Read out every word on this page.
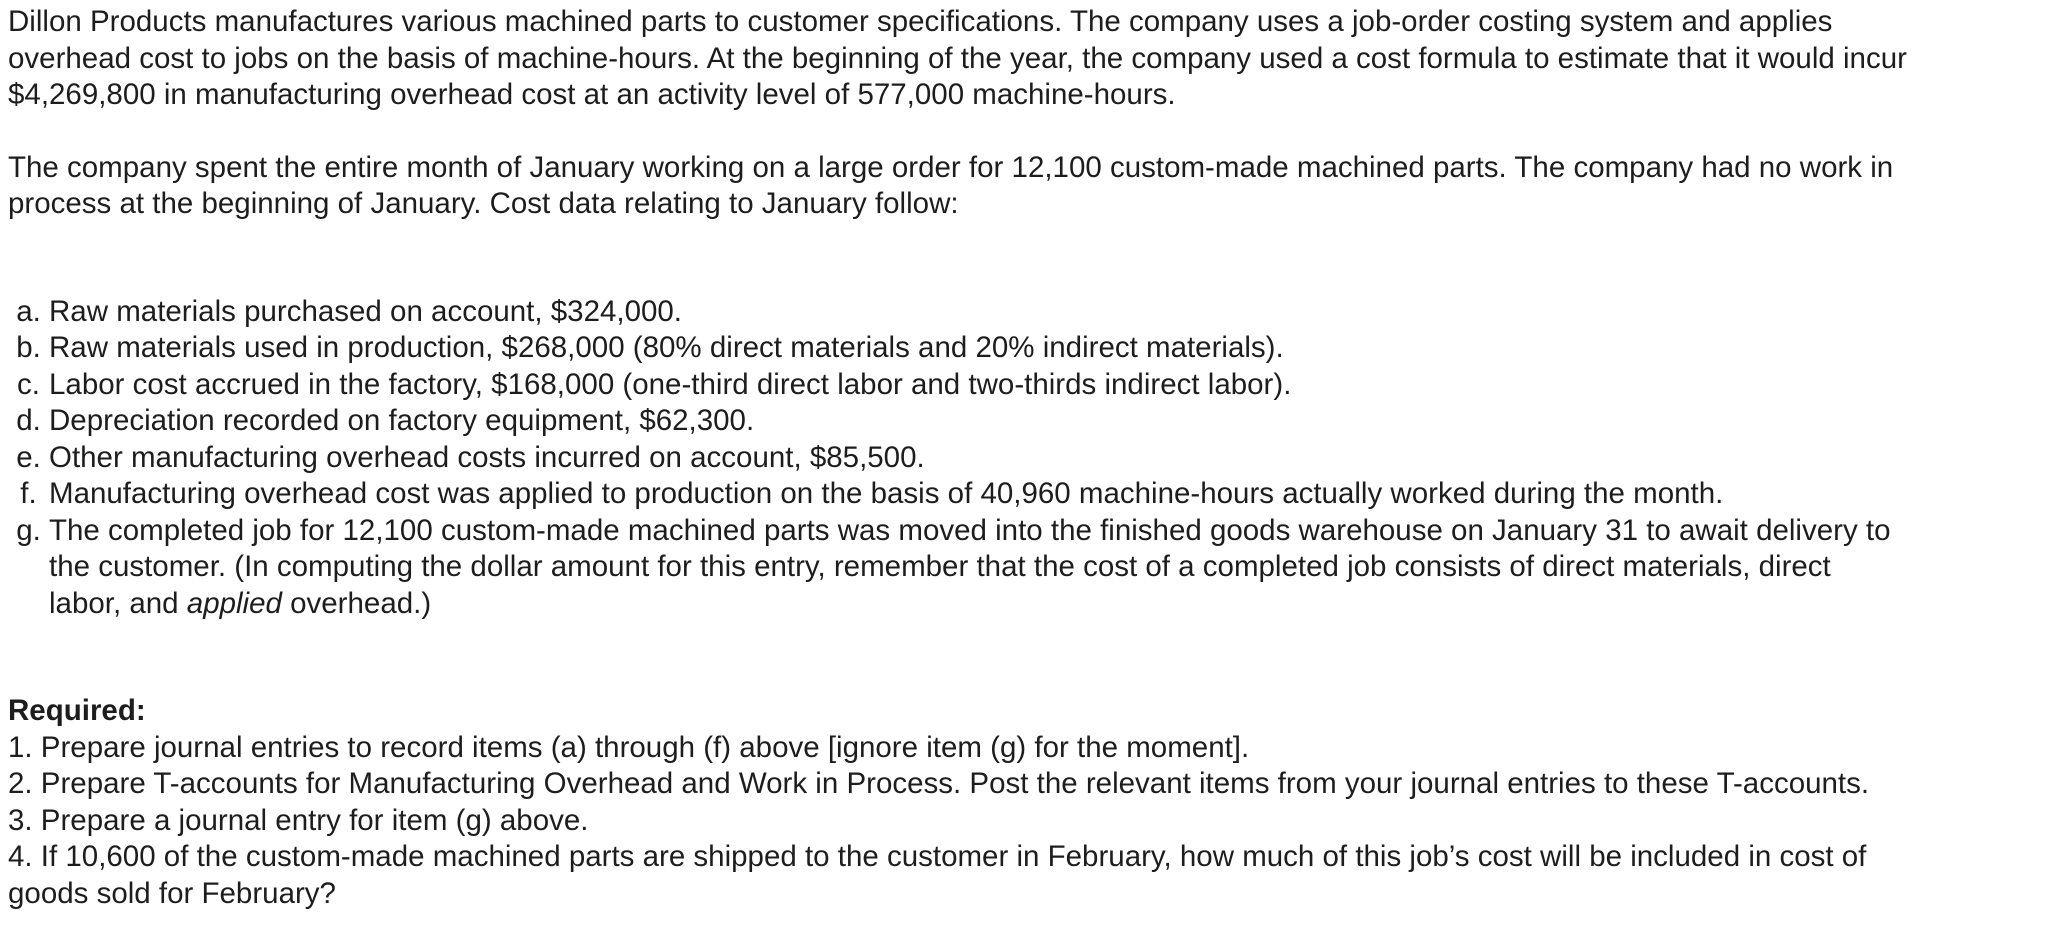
Dillon Products manufactures various machined parts to customer specifications. The company uses a job-order costing system and applies overhead cost to jobs on the basis of machine-hours. At the beginning of the year, the company used a cost formula to estimate that it would incur $4,269,800 in manufacturing overhead cost at an activity level of 577,000 machine-hours.

The company spent the entire month of January working on a large order for 12,100 custom-made machined parts. The company had no work in process at the beginning of January. Cost data relating to January follow:

a. Raw materials purchased on account, $324,000.
b. Raw materials used in production, $268,000 (80% direct materials and 20% indirect materials).
c. Labor cost accrued in the factory, $168,000 (one-third direct labor and two-thirds indirect labor).
d. Depreciation recorded on factory equipment, $62,300.
e. Other manufacturing overhead costs incurred on account, $85,500.
f. Manufacturing overhead cost was applied to production on the basis of 40,960 machine-hours actually worked during the month.
g. The completed job for 12,100 custom-made machined parts was moved into the finished goods warehouse on January 31 to await delivery to the customer. (In computing the dollar amount for this entry, remember that the cost of a completed job consists of direct materials, direct labor, and applied overhead.)

Required:

1. Prepare journal entries to record items (a) through (f) above [ignore item (g) for the moment].

2. Prepare T-accounts for Manufacturing Overhead and Work in Process. Post the relevant items from your journal entries to these T-accounts.

3. Prepare a journal entry for item (g) above.

4. If 10,600 of the custom-made machined parts are shipped to the customer in February, how much of this job’s cost will be included in cost of goods sold for February?
